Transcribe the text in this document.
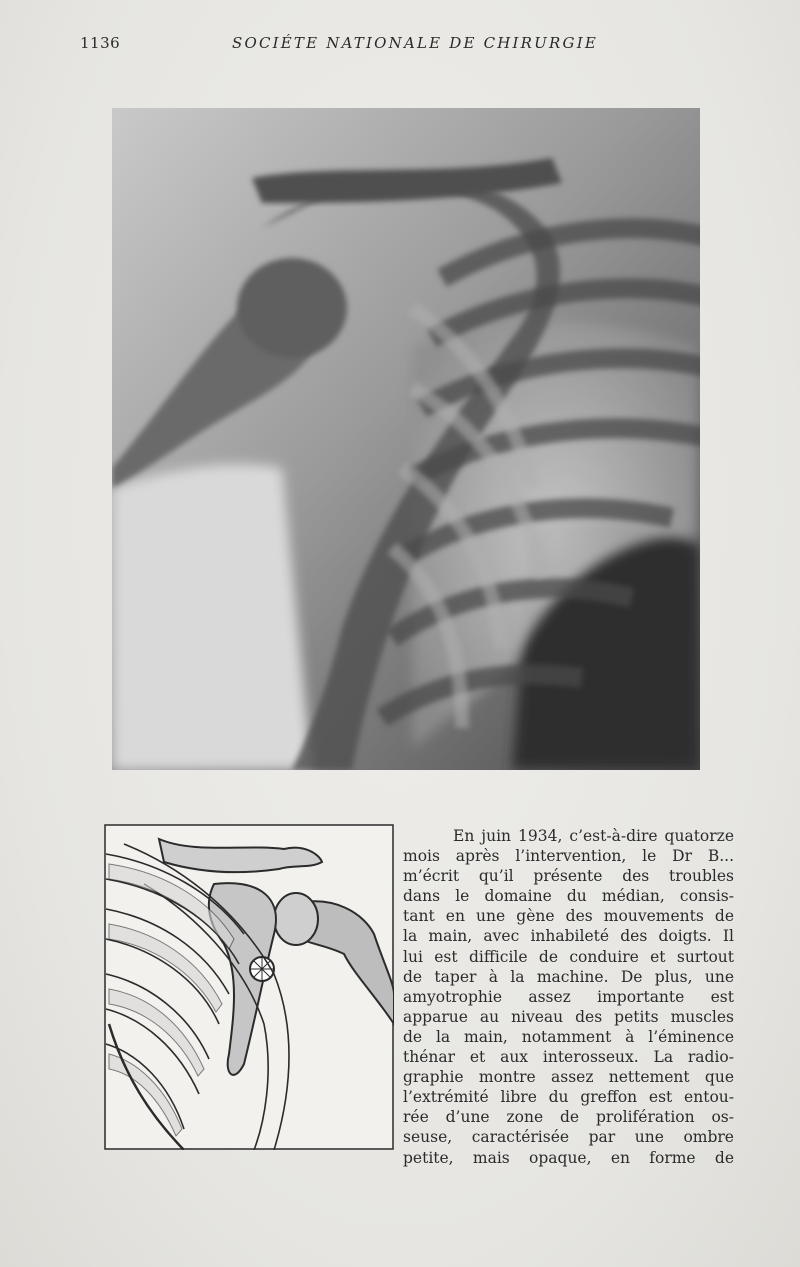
1136	SOCIÉTE NATIONALE DE CHIRURGIE
En juin 1934, c’est-à-dire quatorze
mois après l’intervention, le Dr B...
m’écrit qu’il présente des troubles
dans le domaine du médian, consis-
tant en une gène des mouvements de
la main, avec inhabileté des doigts. Il
lui est difficile de conduire et surtout
de taper à la machine. De plus, une
amyotrophie assez importante est
apparue au niveau des petits muscles
de la main, notamment à l’éminence
thénar et aux interosseux. La radio-
graphie montre assez nettement que
l’extrémité libre du greffon est entou-
rée d’une zone de prolifération os-
seuse, caractérisée par une ombre
petite, mais opaque, en forme de
